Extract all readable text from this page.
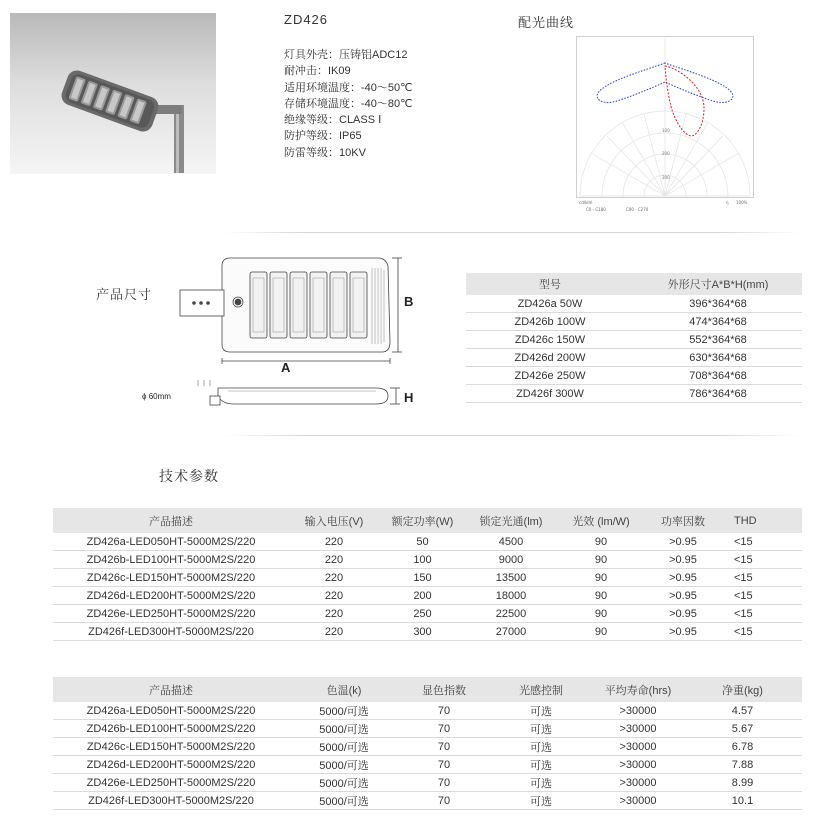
ZD426
灯具外壳：压铸铝ADC12
耐冲击：IK09
适用环境温度：-40～50℃
存储环境温度：-40～80℃
绝缘等级：CLASS Ⅰ
防护等级：IP65
防雷等级：10KV
配光曲线
100
200
300
cd/klm
C0 - C180	C90 - C270
η 100%
产品尺寸
A
B
H
ϕ 60mm
型号	外形尺寸A*B*H(mm)
ZD426a 50W	396*364*68
ZD426b 100W	474*364*68
ZD426c 150W	552*364*68
ZD426d 200W	630*364*68
ZD426e 250W	708*364*68
ZD426f 300W	786*364*68
技术参数
产品描述	输入电压(V)	额定功率(W)	锁定光通(lm)	光效 (lm/W)	功率因数	THD
ZD426a-LED050HT-5000M2S/220	220	50	4500	90	>0.95	<15
ZD426b-LED100HT-5000M2S/220	220	100	9000	90	>0.95	<15
ZD426c-LED150HT-5000M2S/220	220	150	13500	90	>0.95	<15
ZD426d-LED200HT-5000M2S/220	220	200	18000	90	>0.95	<15
ZD426e-LED250HT-5000M2S/220	220	250	22500	90	>0.95	<15
ZD426f-LED300HT-5000M2S/220	220	300	27000	90	>0.95	<15
产品描述	色温(k)	显色指数	光感控制	平均寿命(hrs)	净重(kg)
ZD426a-LED050HT-5000M2S/220	5000/可选	70	可选	>30000	4.57
ZD426b-LED100HT-5000M2S/220	5000/可选	70	可选	>30000	5.67
ZD426c-LED150HT-5000M2S/220	5000/可选	70	可选	>30000	6.78
ZD426d-LED200HT-5000M2S/220	5000/可选	70	可选	>30000	7.88
ZD426e-LED250HT-5000M2S/220	5000/可选	70	可选	>30000	8.99
ZD426f-LED300HT-5000M2S/220	5000/可选	70	可选	>30000	10.1
